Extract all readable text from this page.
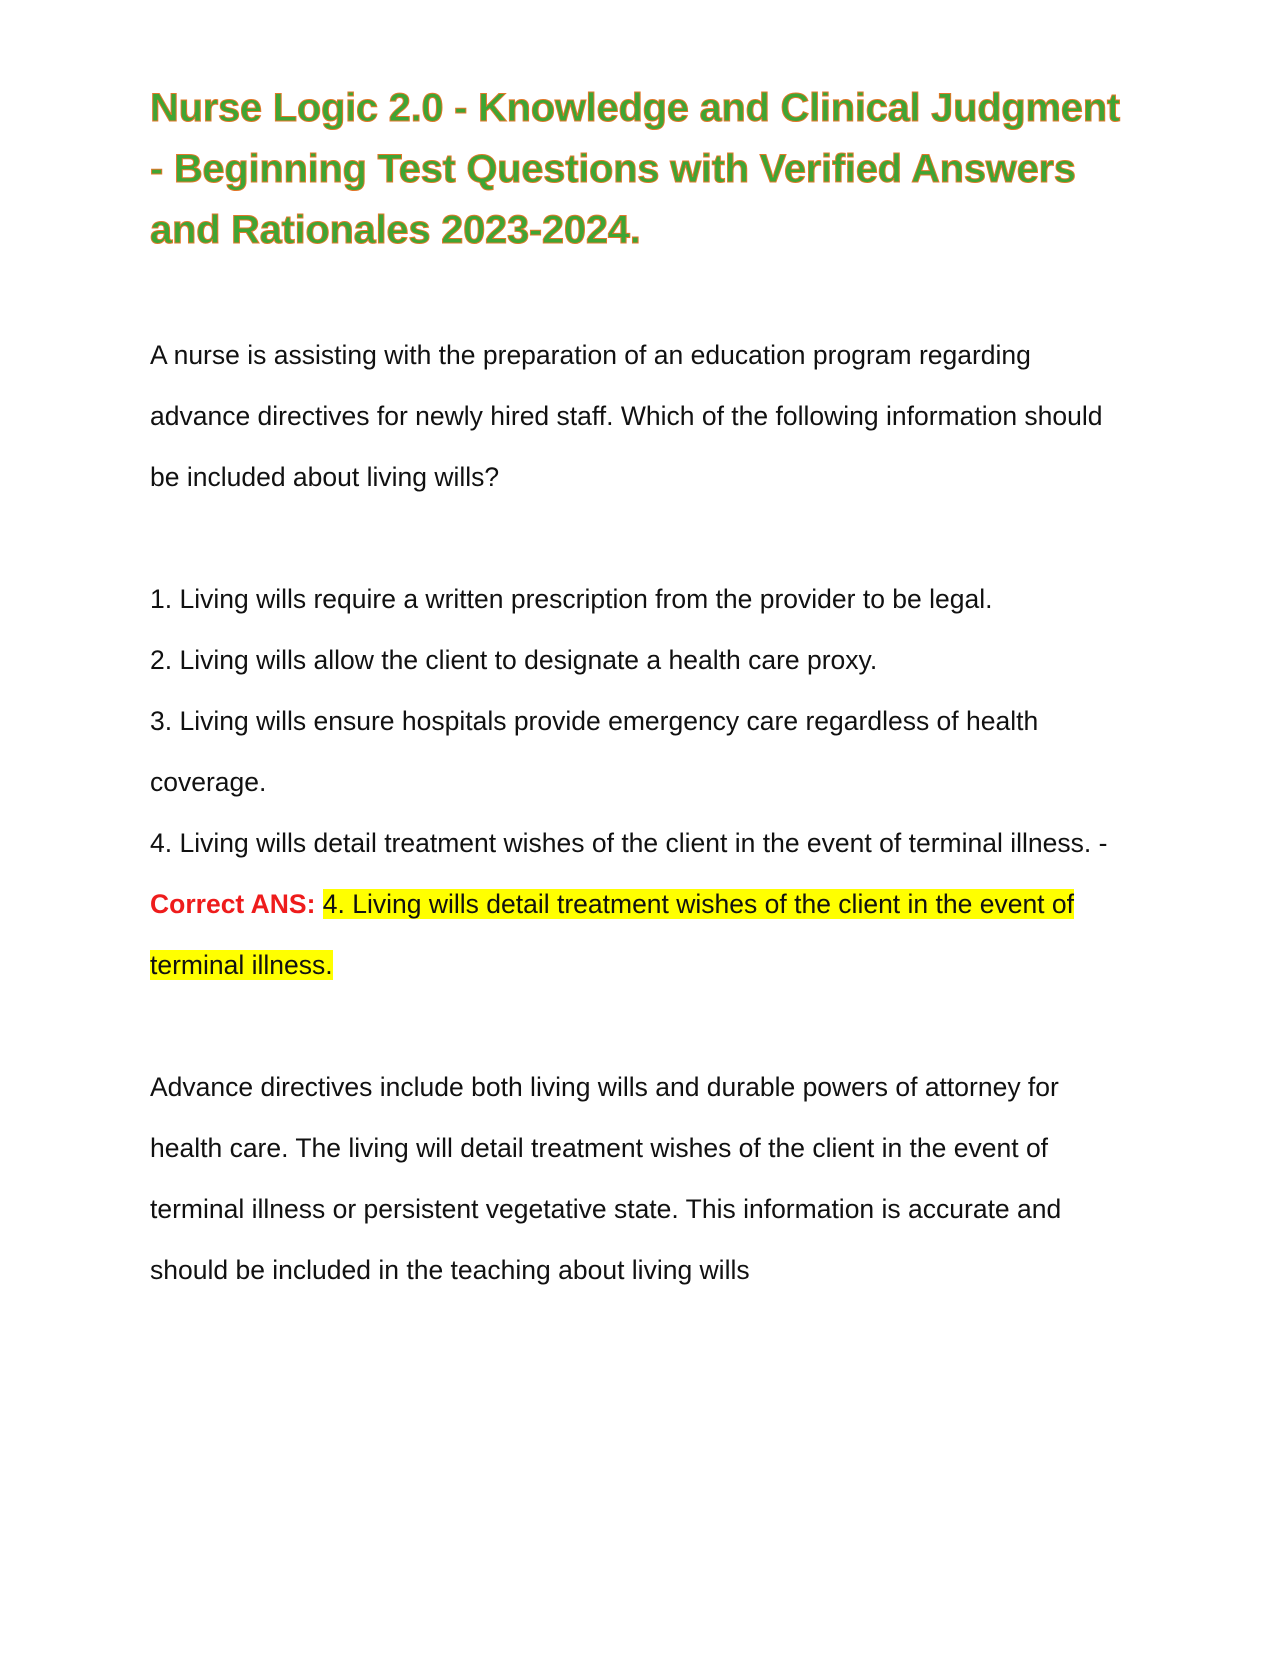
Nurse Logic 2.0 - Knowledge and Clinical Judgment - Beginning Test Questions with Verified Answers and Rationales 2023-2024.

A nurse is assisting with the preparation of an education program regarding advance directives for newly hired staff. Which of the following information should be included about living wills?

1. Living wills require a written prescription from the provider to be legal.

2. Living wills allow the client to designate a health care proxy.

3. Living wills ensure hospitals provide emergency care regardless of health coverage.

4. Living wills detail treatment wishes of the client in the event of terminal illness. - Correct ANS: 4. Living wills detail treatment wishes of the client in the event of terminal illness.

Advance directives include both living wills and durable powers of attorney for health care. The living will detail treatment wishes of the client in the event of terminal illness or persistent vegetative state. This information is accurate and should be included in the teaching about living wills
